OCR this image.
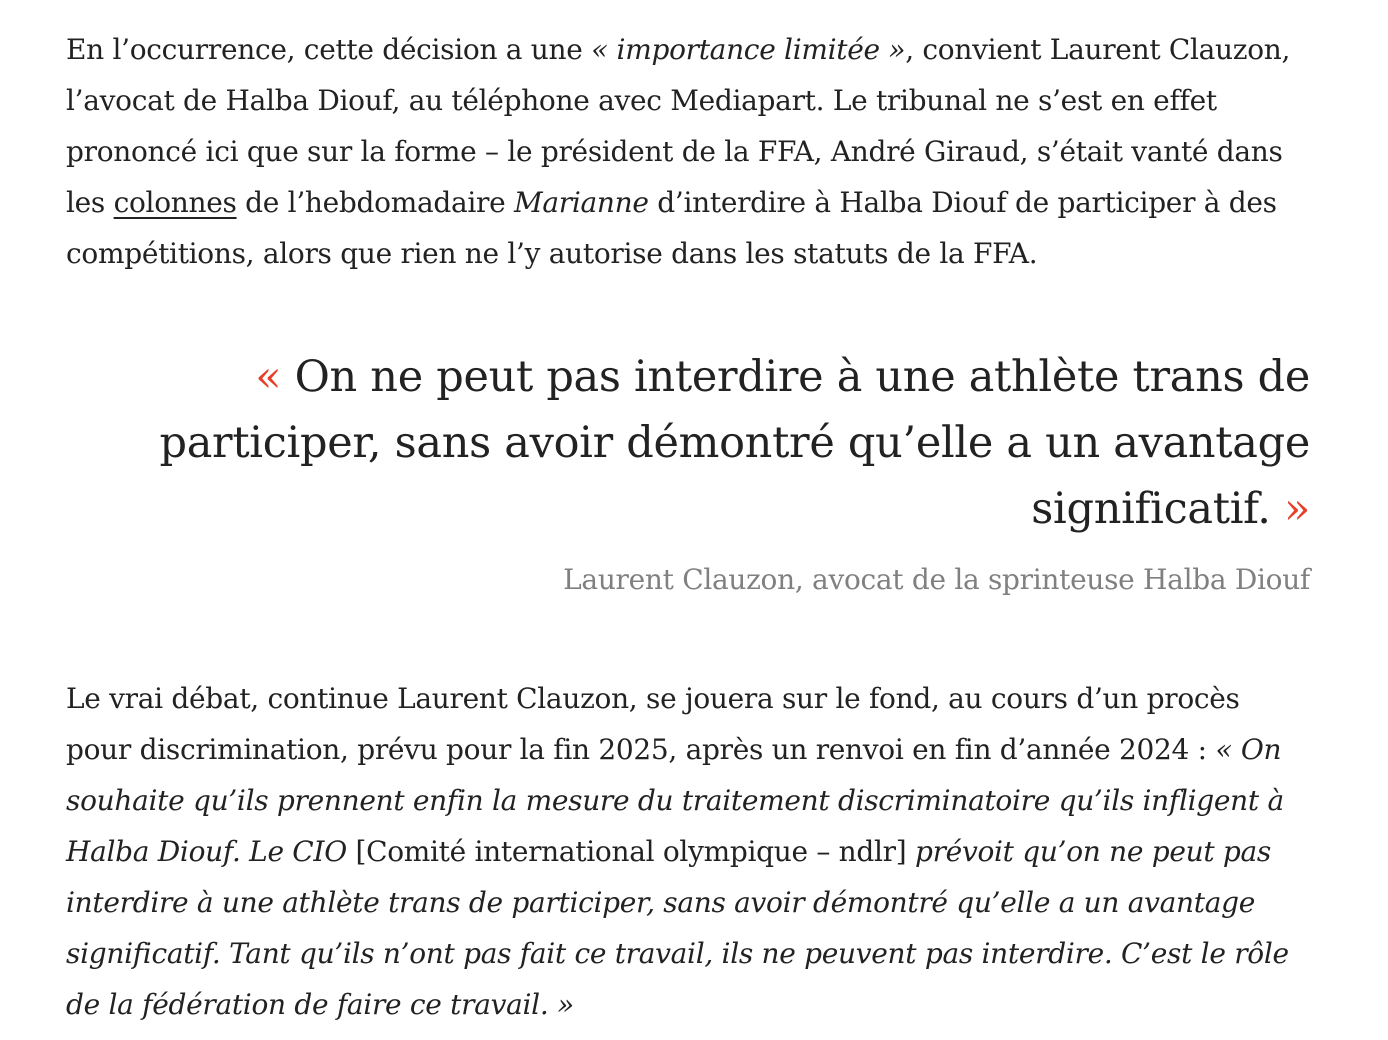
En l’occurrence, cette décision a une « importance limitée », convient Laurent Clauzon, l’avocat de Halba Diouf, au téléphone avec Mediapart. Le tribunal ne s’est en effet prononcé ici que sur la forme – le président de la FFA, André Giraud, s’était vanté dans les colonnes de l’hebdomadaire Marianne d’interdire à Halba Diouf de participer à des compétitions, alors que rien ne l’y autorise dans les statuts de la FFA.

« On ne peut pas interdire à une athlète trans de participer, sans avoir démontré qu’elle a un avantage significatif. »

Laurent Clauzon, avocat de la sprinteuse Halba Diouf

Le vrai débat, continue Laurent Clauzon, se jouera sur le fond, au cours d’un procès pour discrimination, prévu pour la fin 2025, après un renvoi en fin d’année 2024 : « On souhaite qu’ils prennent enfin la mesure du traitement discriminatoire qu’ils infligent à Halba Diouf. Le CIO [Comité international olympique – ndlr] prévoit qu’on ne peut pas interdire à une athlète trans de participer, sans avoir démontré qu’elle a un avantage significatif. Tant qu’ils n’ont pas fait ce travail, ils ne peuvent pas interdire. C’est le rôle de la fédération de faire ce travail. »
